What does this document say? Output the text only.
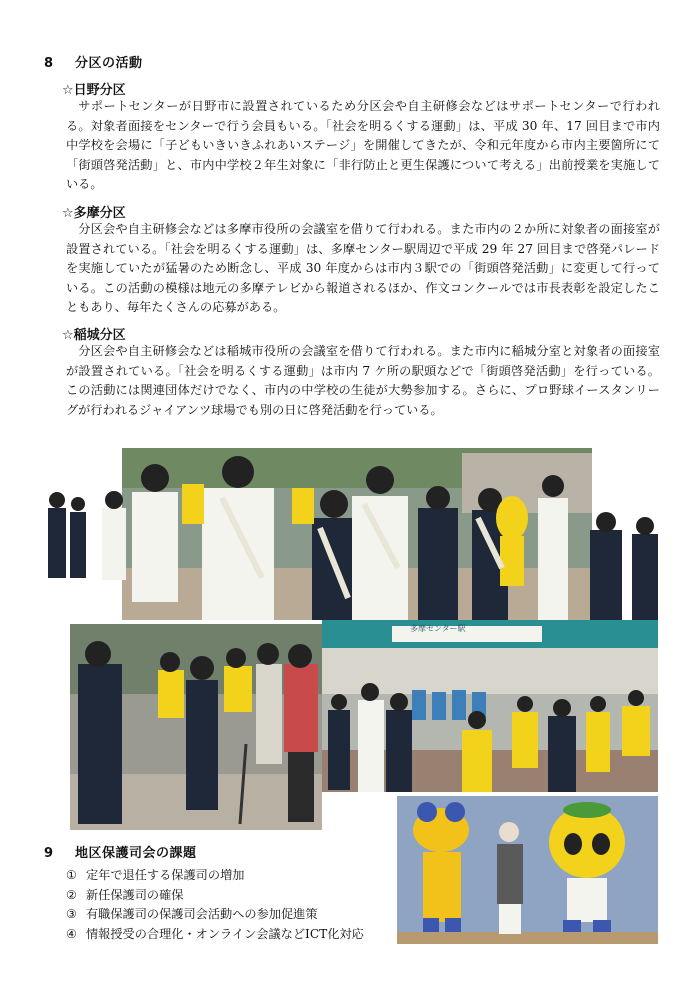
8 分区の活動
☆日野分区

サポートセンターが日野市に設置されているため分区会や自主研修会などはサポートセンターで行われる。対象者面接をセンターで行う会員もいる。「社会を明るくする運動」は、平成 30 年、17 回目まで市内中学校を会場に「子どもいきいきふれあいステージ」を開催してきたが、令和元年度から市内主要箇所にて「街頭啓発活動」と、市内中学校２年生対象に「非行防止と更生保護について考える」出前授業を実施している。

☆多摩分区

分区会や自主研修会などは多摩市役所の会議室を借りて行われる。また市内の２か所に対象者の面接室が設置されている。「社会を明るくする運動」は、多摩センター駅周辺で平成 29 年 27 回目まで啓発パレードを実施していたが猛暑のため断念し、平成 30 年度からは市内３駅での「街頭啓発活動」に変更して行っている。この活動の模様は地元の多摩テレビから報道されるほか、作文コンクールでは市長表彰を設定したこともあり、毎年たくさんの応募がある。

☆稲城分区

分区会や自主研修会などは稲城市役所の会議室を借りて行われる。また市内に稲城分室と対象者の面接室が設置されている。「社会を明るくする運動」は市内 7 ケ所の駅頭などで「街頭啓発活動」を行っている。この活動には関連団体だけでなく、市内の中学校の生徒が大勢参加する。さらに、プロ野球イースタンリーグが行われるジャイアンツ球場でも別の日に啓発活動を行っている。

多摩センター駅
9 地区保護司会の課題
① 定年で退任する保護司の増加
② 新任保護司の確保
③ 有職保護司の保護司会活動への参加促進策
④ 情報授受の合理化・オンライン会議などICT化対応
